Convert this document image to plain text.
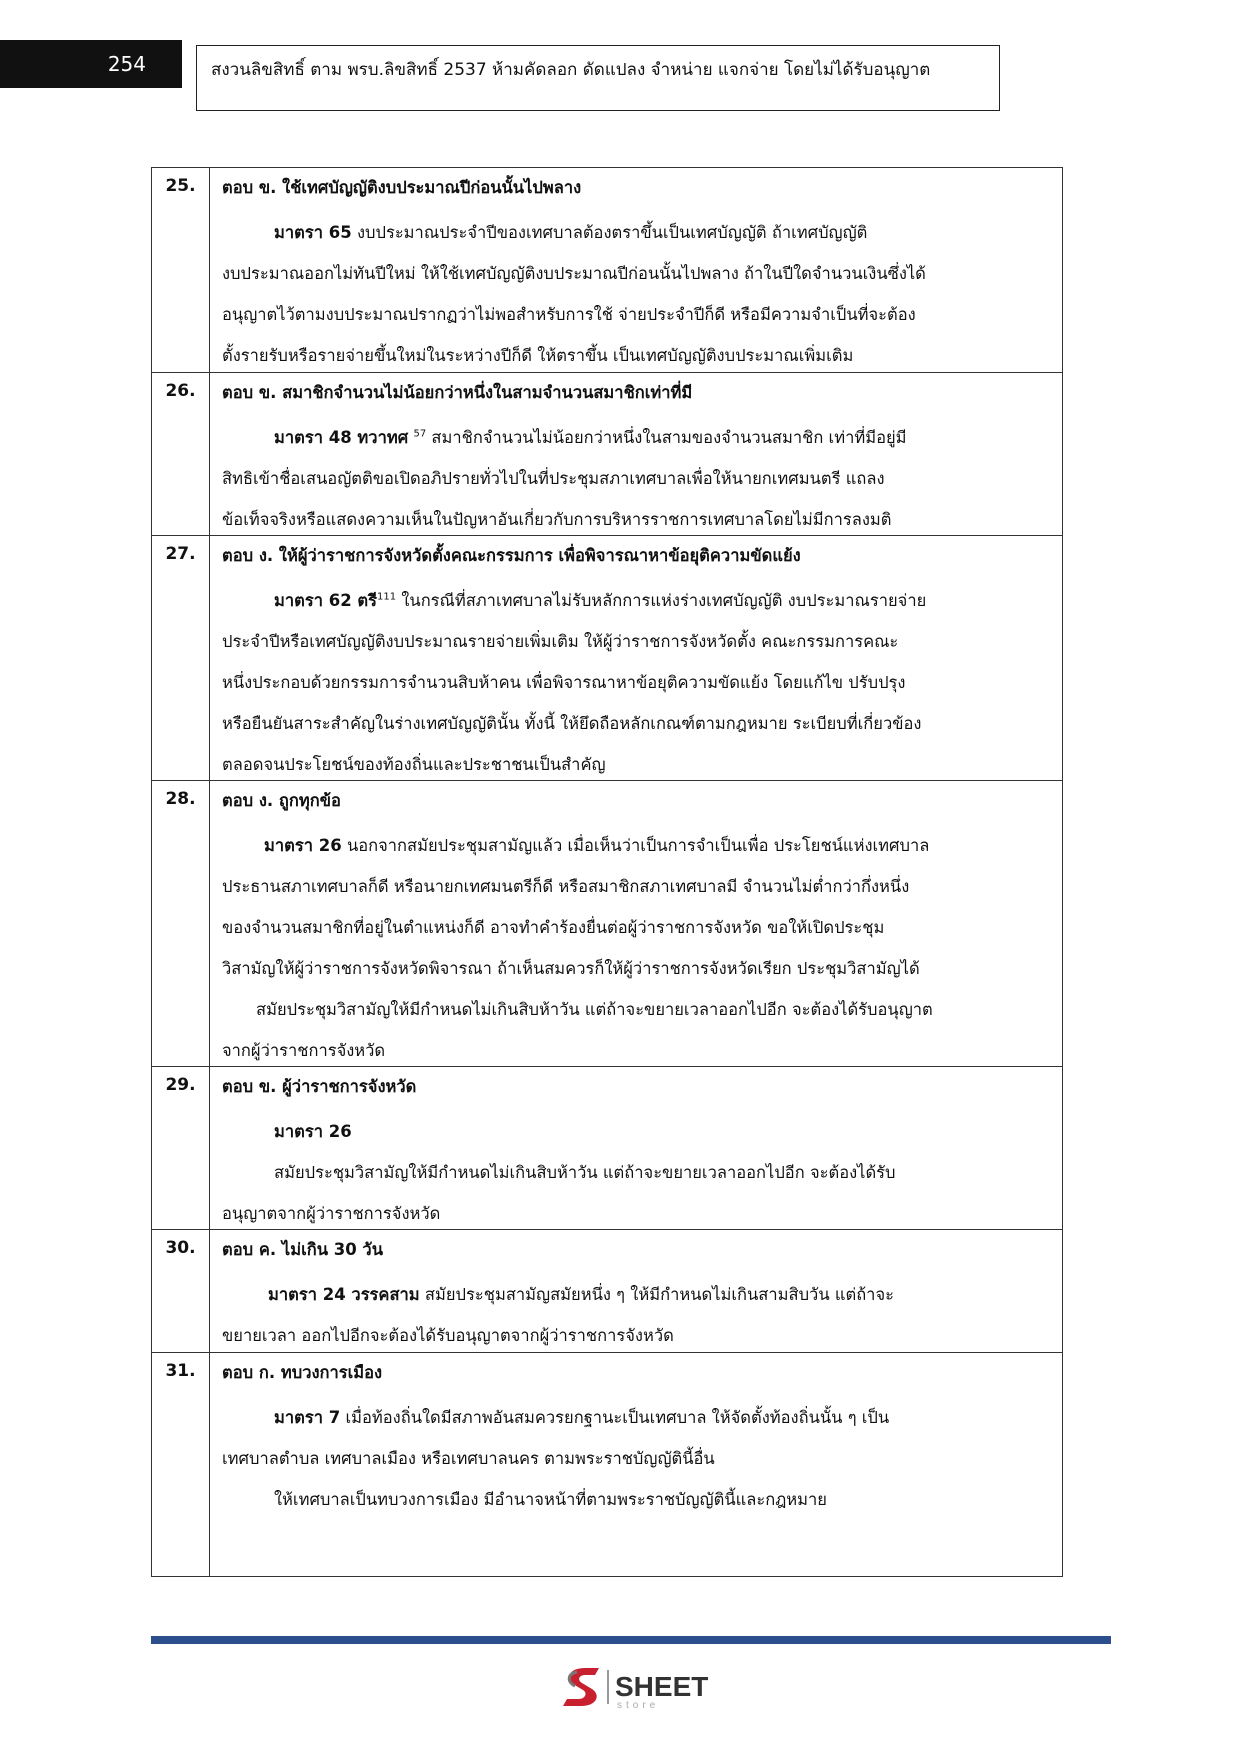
254	สงวนลิขสิทธิ์ ตาม พรบ.ลิขสิทธิ์ 2537 ห้ามคัดลอก ดัดแปลง จำหน่าย แจกจ่าย โดยไม่ได้รับอนุญาต
25.	ตอบ ข. ใช้เทศบัญญัติงบประมาณปีก่อนนั้นไปพลาง
มาตรา 65 งบประมาณประจำปีของเทศบาลต้องตราขึ้นเป็นเทศบัญญัติ ถ้าเทศบัญญัติ
งบประมาณออกไม่ทันปีใหม่ ให้ใช้เทศบัญญัติงบประมาณปีก่อนนั้นไปพลาง ถ้าในปีใดจำนวนเงินซึ่งได้
อนุญาตไว้ตามงบประมาณปรากฏว่าไม่พอสำหรับการใช้ จ่ายประจำปีก็ดี หรือมีความจำเป็นที่จะต้อง
ตั้งรายรับหรือรายจ่ายขึ้นใหม่ในระหว่างปีก็ดี ให้ตราขึ้น เป็นเทศบัญญัติงบประมาณเพิ่มเติม
26.	ตอบ ข. สมาชิกจำนวนไม่น้อยกว่าหนึ่งในสามจำนวนสมาชิกเท่าที่มี
มาตรา 48 ทวาทศ $^{57}$ สมาชิกจำนวนไม่น้อยกว่าหนึ่งในสามของจำนวนสมาชิก เท่าที่มีอยู่มี
สิทธิเข้าชื่อเสนอญัตติขอเปิดอภิปรายทั่วไปในที่ประชุมสภาเทศบาลเพื่อให้นายกเทศมนตรี แถลง
ข้อเท็จจริงหรือแสดงความเห็นในปัญหาอันเกี่ยวกับการบริหารราชการเทศบาลโดยไม่มีการลงมติ
27.	ตอบ ง. ให้ผู้ว่าราชการจังหวัดตั้งคณะกรรมการ เพื่อพิจารณาหาข้อยุติความขัดแย้ง
มาตรา 62 ตรี$^{111}$ ในกรณีที่สภาเทศบาลไม่รับหลักการแห่งร่างเทศบัญญัติ งบประมาณรายจ่าย
ประจำปีหรือเทศบัญญัติงบประมาณรายจ่ายเพิ่มเติม ให้ผู้ว่าราชการจังหวัดตั้ง คณะกรรมการคณะ
หนึ่งประกอบด้วยกรรมการจำนวนสิบห้าคน เพื่อพิจารณาหาข้อยุติความขัดแย้ง โดยแก้ไข ปรับปรุง
หรือยืนยันสาระสำคัญในร่างเทศบัญญัตินั้น ทั้งนี้ ให้ยึดถือหลักเกณฑ์ตามกฎหมาย ระเบียบที่เกี่ยวข้อง
ตลอดจนประโยชน์ของท้องถิ่นและประชาชนเป็นสำคัญ
28.	ตอบ ง. ถูกทุกข้อ
มาตรา 26 นอกจากสมัยประชุมสามัญแล้ว เมื่อเห็นว่าเป็นการจำเป็นเพื่อ ประโยชน์แห่งเทศบาล
ประธานสภาเทศบาลก็ดี หรือนายกเทศมนตรีก็ดี หรือสมาชิกสภาเทศบาลมี จำนวนไม่ต่ำกว่ากึ่งหนึ่ง
ของจำนวนสมาชิกที่อยู่ในตำแหน่งก็ดี อาจทำคำร้องยื่นต่อผู้ว่าราชการจังหวัด ขอให้เปิดประชุม
วิสามัญให้ผู้ว่าราชการจังหวัดพิจารณา ถ้าเห็นสมควรก็ให้ผู้ว่าราชการจังหวัดเรียก ประชุมวิสามัญได้
สมัยประชุมวิสามัญให้มีกำหนดไม่เกินสิบห้าวัน แต่ถ้าจะขยายเวลาออกไปอีก จะต้องได้รับอนุญาต
จากผู้ว่าราชการจังหวัด
29.	ตอบ ข. ผู้ว่าราชการจังหวัด
มาตรา 26
สมัยประชุมวิสามัญให้มีกำหนดไม่เกินสิบห้าวัน แต่ถ้าจะขยายเวลาออกไปอีก จะต้องได้รับ
อนุญาตจากผู้ว่าราชการจังหวัด
30.	ตอบ ค. ไม่เกิน 30 วัน
มาตรา 24 วรรคสาม สมัยประชุมสามัญสมัยหนึ่ง ๆ ให้มีกำหนดไม่เกินสามสิบวัน แต่ถ้าจะ
ขยายเวลา ออกไปอีกจะต้องได้รับอนุญาตจากผู้ว่าราชการจังหวัด
31.	ตอบ ก. ทบวงการเมือง
มาตรา 7 เมื่อท้องถิ่นใดมีสภาพอันสมควรยกฐานะเป็นเทศบาล ให้จัดตั้งท้องถิ่นนั้น ๆ เป็น
เทศบาลตำบล เทศบาลเมือง หรือเทศบาลนคร ตามพระราชบัญญัตินี้อื่น
ให้เทศบาลเป็นทบวงการเมือง มีอำนาจหน้าที่ตามพระราชบัญญัตินี้และกฎหมาย
SHEET
store
